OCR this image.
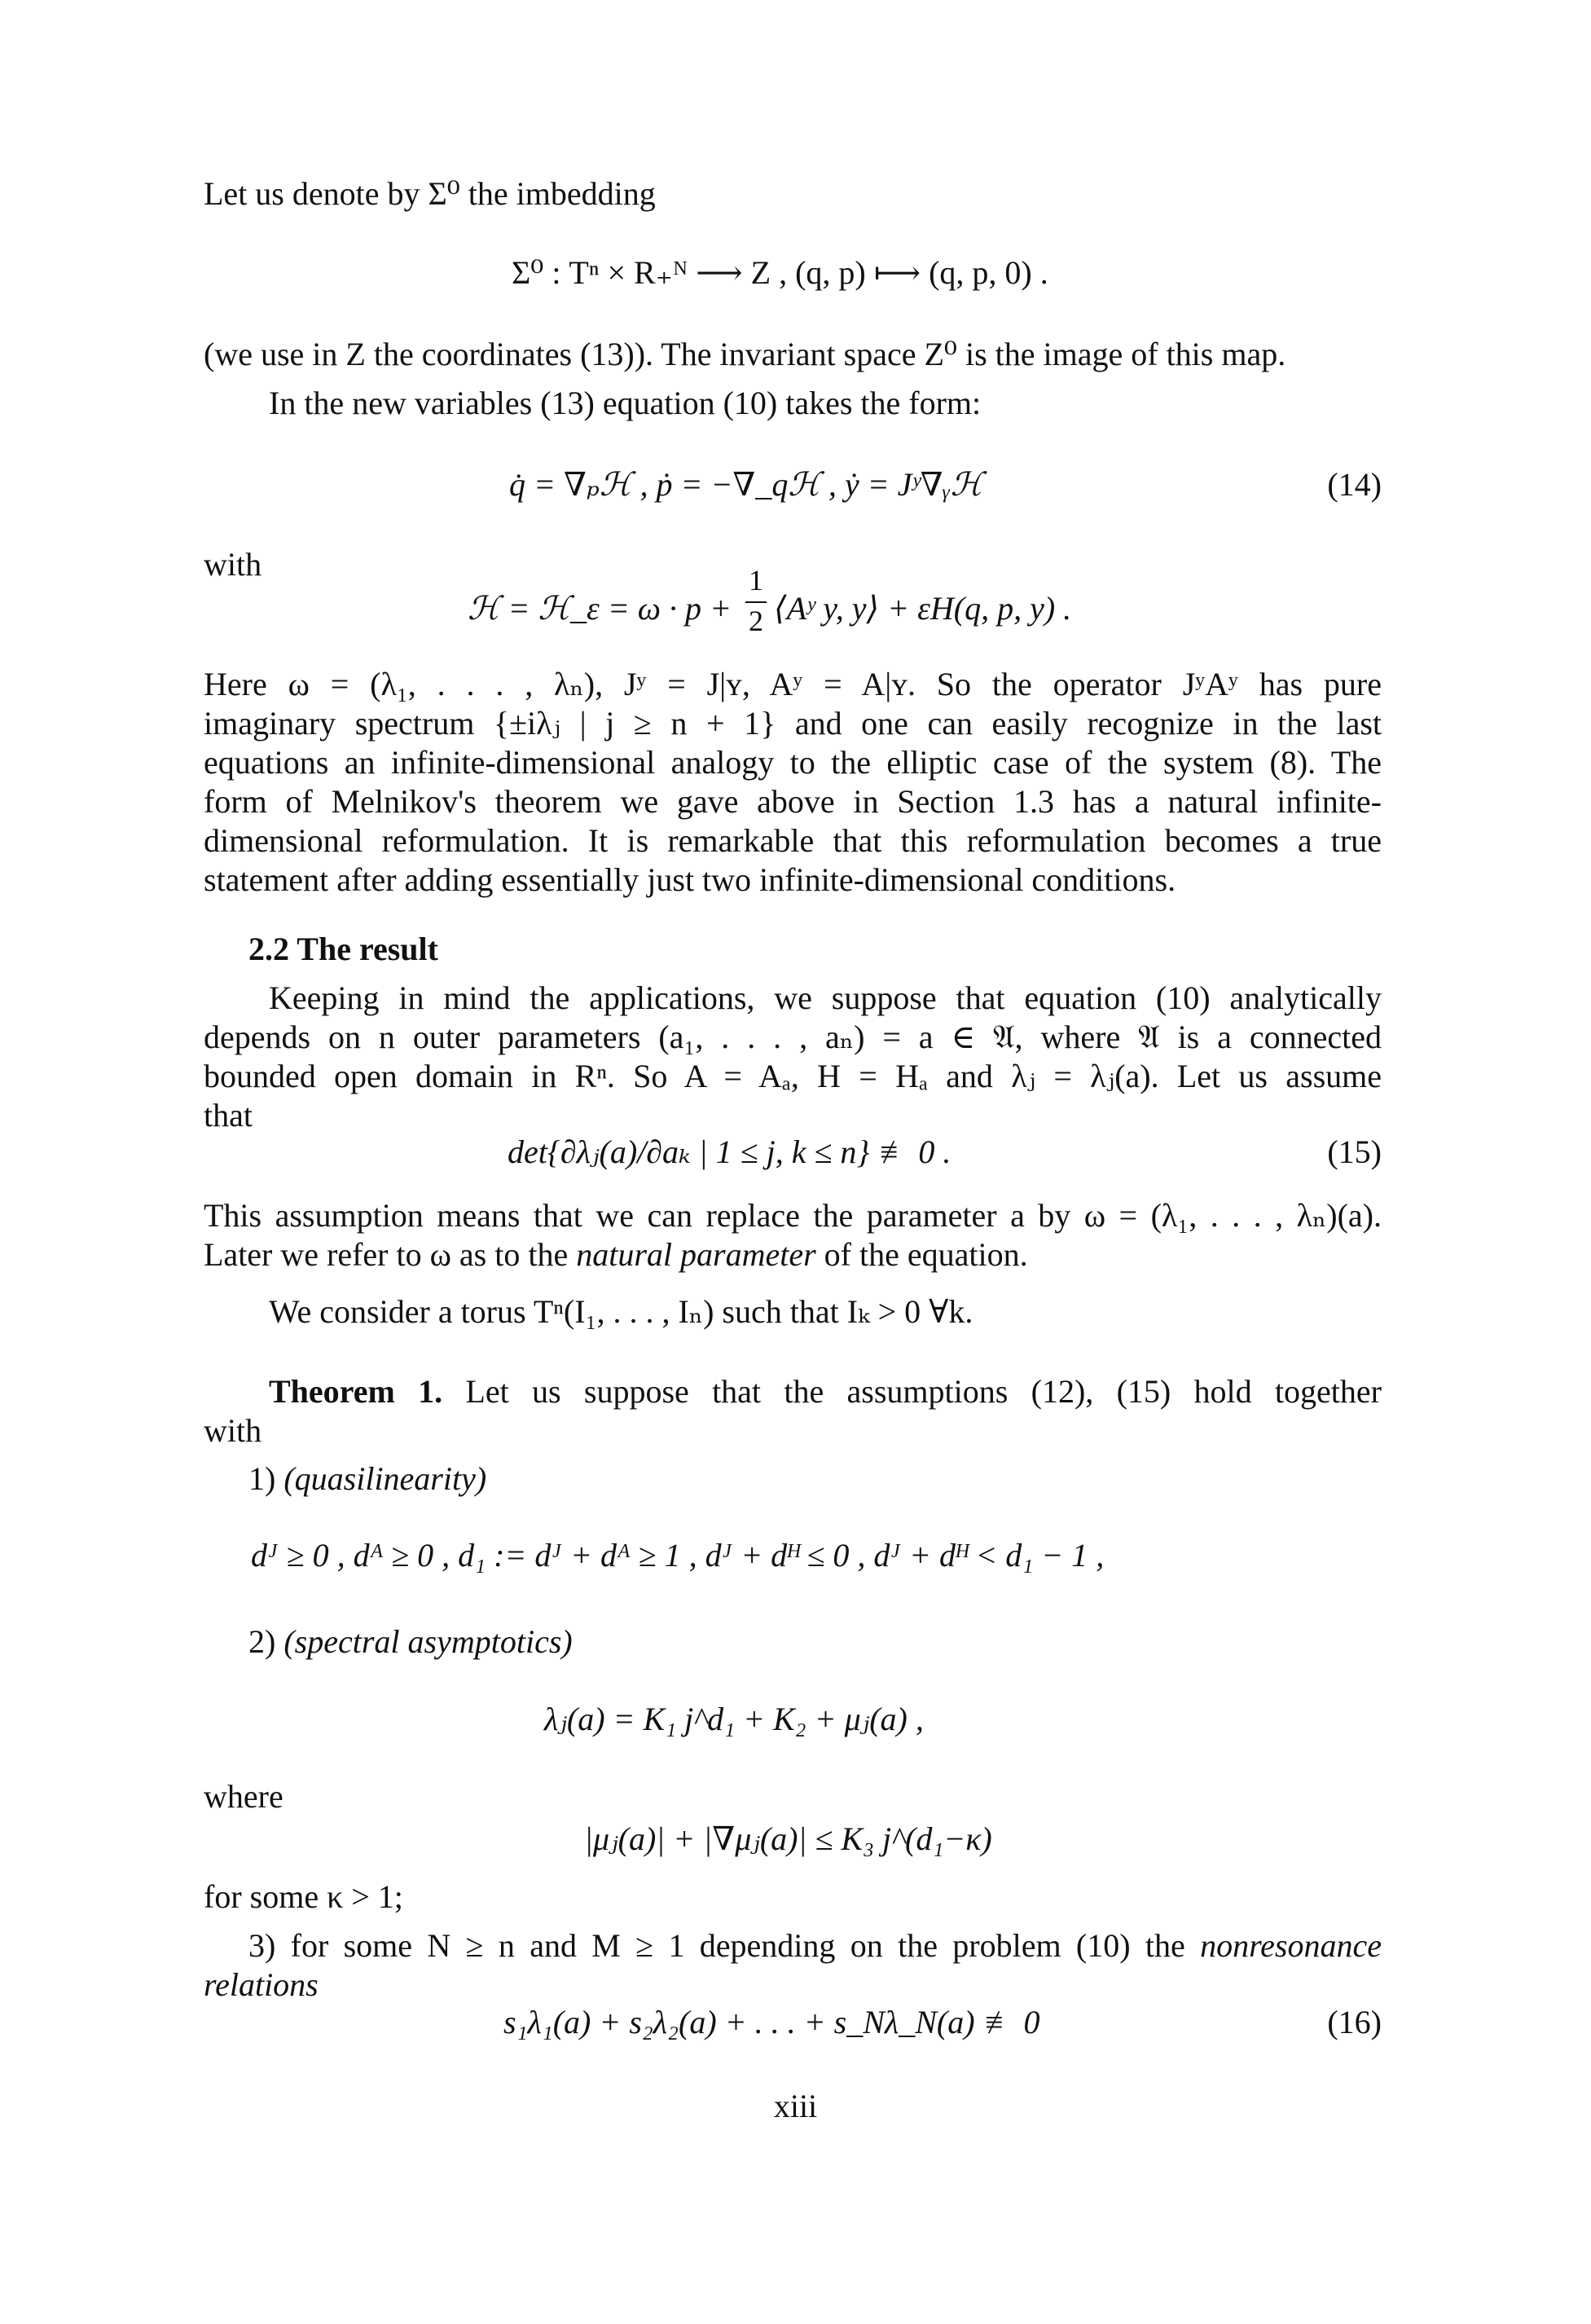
Let us denote by Σ⁰ the imbedding
Σ⁰ : Tⁿ × R₊ᴺ ⟶ Z , (q, p) ⟼ (q, p, 0) .
(we use in Z the coordinates (13)). The invariant space Z⁰ is the image of this map.
In the new variables (13) equation (10) takes the form:
q̇ = ∇ₚℋ , ṗ = −∇_qℋ , ẏ = Jʸ∇ᵧℋ	(14)
with
ℋ = ℋ_ε = ω · p +
1
2 ⟨Aʸ y, y⟩ + εH(q, p, y) .
Here ω = (λ₁, . . . , λₙ), Jʸ = J|ʏ, Aʸ = A|ʏ. So the operator JʸAʸ has pure
imaginary spectrum {±iλⱼ | j ≥ n + 1} and one can easily recognize in the last
equations an infinite-dimensional analogy to the elliptic case of the system (8). The
form of Melnikov's theorem we gave above in Section 1.3 has a natural infinite-
dimensional reformulation. It is remarkable that this reformulation becomes a true
statement after adding essentially just two infinite-dimensional conditions.
2.2 The result
Keeping in mind the applications, we suppose that equation (10) analytically
depends on n outer parameters (a₁, . . . , aₙ) = a ∈ 𝔄, where 𝔄 is a connected
bounded open domain in Rⁿ. So A = Aₐ, H = Hₐ and λⱼ = λⱼ(a). Let us assume
that
det{∂λⱼ(a)/∂aₖ | 1 ≤ j, k ≤ n} ≢ 0 .	(15)
This assumption means that we can replace the parameter a by ω = (λ₁, . . . , λₙ)(a).
Later we refer to ω as to the natural parameter of the equation.
We consider a torus Tⁿ(I₁, . . . , Iₙ) such that Iₖ > 0 ∀k.
Theorem 1. Let us suppose that the assumptions (12), (15) hold together
with
1) (quasilinearity)
dᴶ ≥ 0 , dᴬ ≥ 0 , d₁ := dᴶ + dᴬ ≥ 1 , dᴶ + dᴴ ≤ 0 , dᴶ + dᴴ < d₁ − 1 ,
2) (spectral asymptotics)
λⱼ(a) = K₁ j^d₁ + K₂ + μⱼ(a) ,
where
|μⱼ(a)| + |∇μⱼ(a)| ≤ K₃ j^(d₁−κ)
for some κ > 1;
3) for some N ≥ n and M ≥ 1 depending on the problem (10) the nonresonance
relations
s₁λ₁(a) + s₂λ₂(a) + . . . + s_Nλ_N(a) ≢ 0	(16)
xiii
